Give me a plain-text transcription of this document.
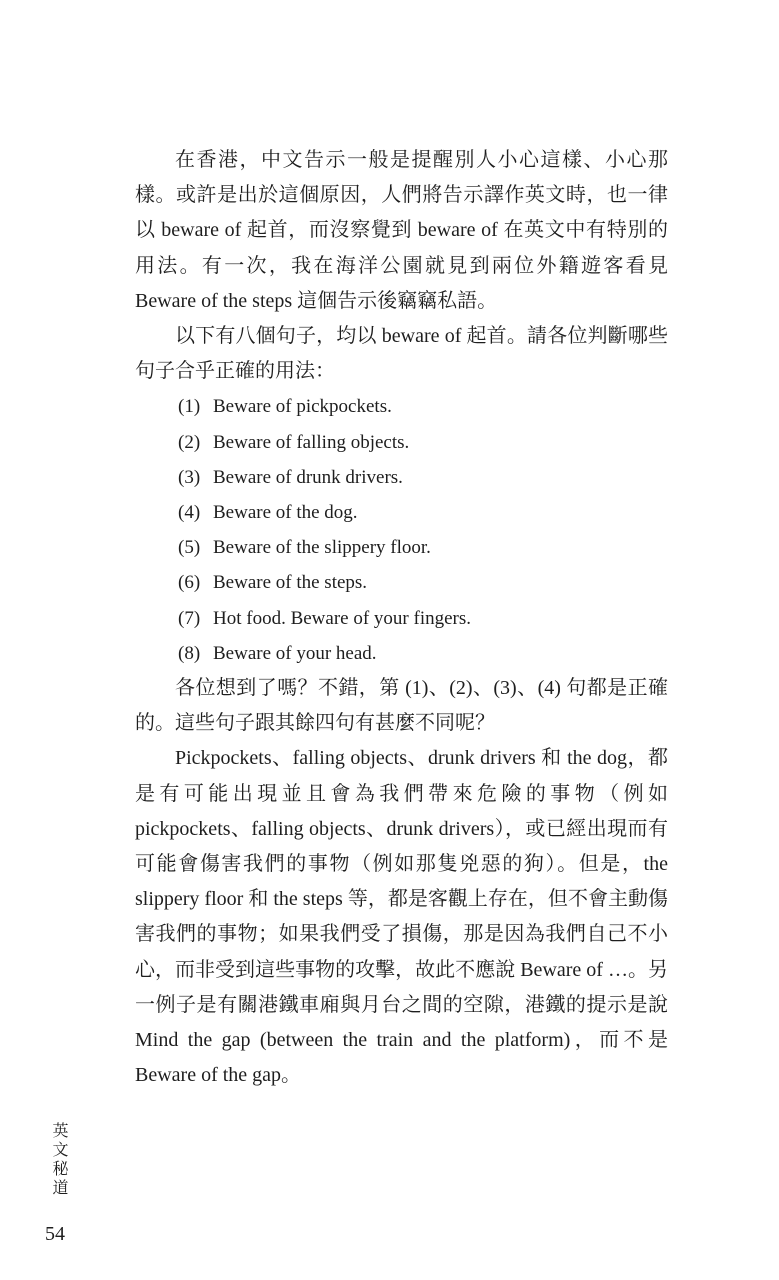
在香港，中文告示一般是提醒別人小心這樣、小心那樣。或許是出於這個原因，人們將告示譯作英文時，也一律以 beware of 起首，而沒察覺到 beware of 在英文中有特別的用法。有一次，我在海洋公園就見到兩位外籍遊客看見 Beware of the steps 這個告示後竊竊私語。

以下有八個句子，均以 beware of 起首。請各位判斷哪些句子合乎正確的用法：

(1) Beware of pickpockets.
(2) Beware of falling objects.
(3) Beware of drunk drivers.
(4) Beware of the dog.
(5) Beware of the slippery floor.
(6) Beware of the steps.
(7) Hot food. Beware of your fingers.
(8) Beware of your head.

各位想到了嗎？不錯，第 (1)、(2)、(3)、(4) 句都是正確的。這些句子跟其餘四句有甚麼不同呢？

Pickpockets、falling objects、drunk drivers 和 the dog，都是有可能出現並且會為我們帶來危險的事物（例如 pickpockets、falling objects、drunk drivers），或已經出現而有可能會傷害我們的事物（例如那隻兇惡的狗）。但是，the slippery floor 和 the steps 等，都是客觀上存在，但不會主動傷害我們的事物；如果我們受了損傷，那是因為我們自己不小心，而非受到這些事物的攻擊，故此不應說 Beware of …。另一例子是有關港鐵車廂與月台之間的空隙，港鐵的提示是說 Mind the gap (between the train and the platform)，而不是 Beware of the gap。

英文秘道
54
